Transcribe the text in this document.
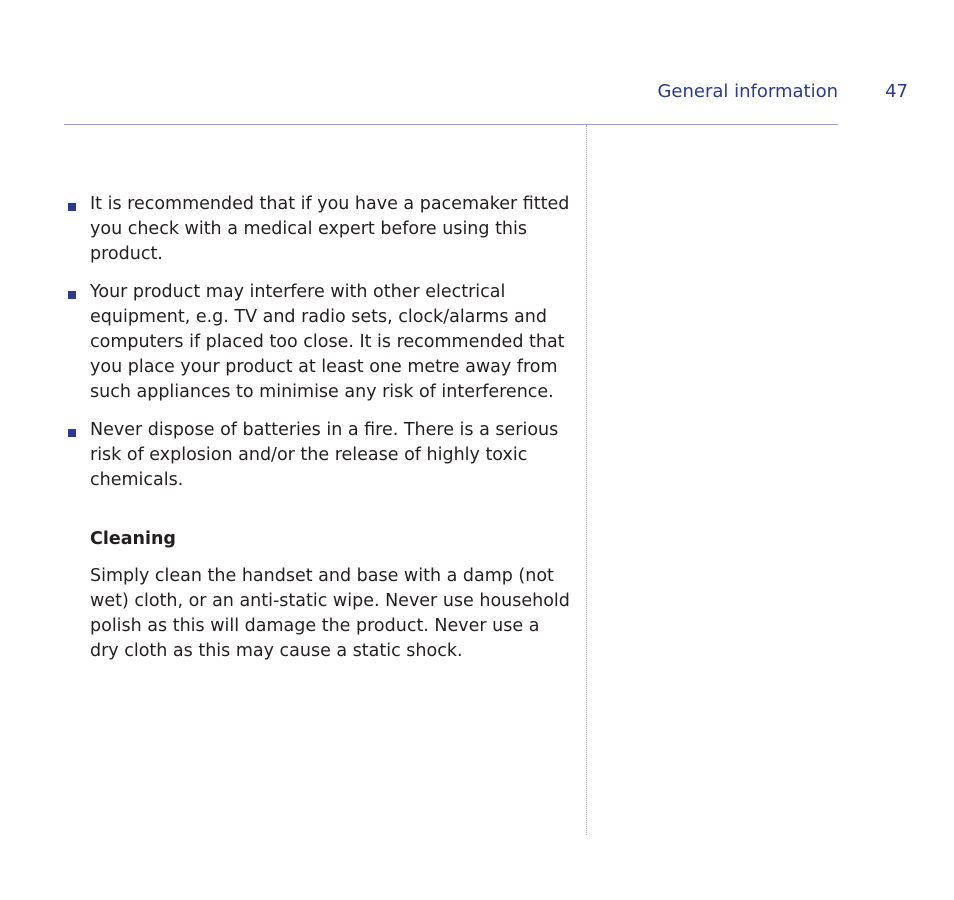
General information	47
It is recommended that if you have a pacemaker fitted you check with a medical expert before using this product.
Your product may interfere with other electrical equipment, e.g. TV and radio sets, clock/alarms and computers if placed too close. It is recommended that you place your product at least one metre away from such appliances to minimise any risk of interference.
Never dispose of batteries in a fire. There is a serious risk of explosion and/or the release of highly toxic chemicals.
Cleaning

Simply clean the handset and base with a damp (not wet) cloth, or an anti-static wipe. Never use household polish as this will damage the product. Never use a dry cloth as this may cause a static shock.
